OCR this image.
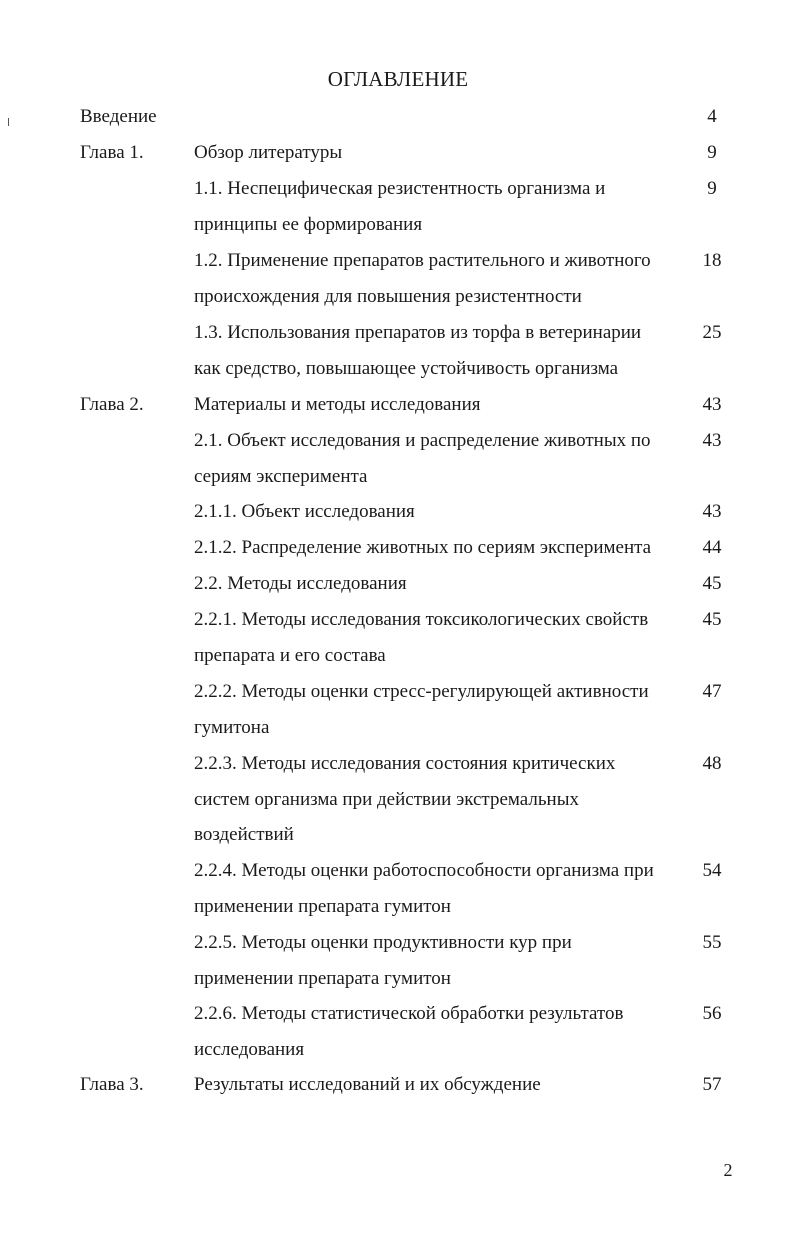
ОГЛАВЛЕНИЕ
Введение	4
Глава 1.	Обзор литературы	9
1.1. Неспецифическая резистентность организма и	9
принципы ее формирования
1.2. Применение препаратов растительного и животного	18
происхождения для повышения резистентности
1.3. Использования препаратов из торфа в ветеринарии	25
как средство, повышающее устойчивость организма
Глава 2.	Материалы и методы исследования	43
2.1. Объект исследования и распределение животных по	43
сериям эксперимента
2.1.1. Объект исследования	43
2.1.2. Распределение животных по сериям эксперимента	44
2.2. Методы исследования	45
2.2.1. Методы исследования токсикологических свойств	45
препарата и его состава
2.2.2. Методы оценки стресс-регулирующей активности	47
гумитона
2.2.3. Методы исследования состояния критических	48
систем организма при действии экстремальных
воздействий
2.2.4. Методы оценки работоспособности организма при	54
применении препарата гумитон
2.2.5. Методы оценки продуктивности кур при	55
применении препарата гумитон
2.2.6. Методы статистической обработки результатов	56
исследования
Глава 3.	Результаты исследований и их обсуждение	57
2
